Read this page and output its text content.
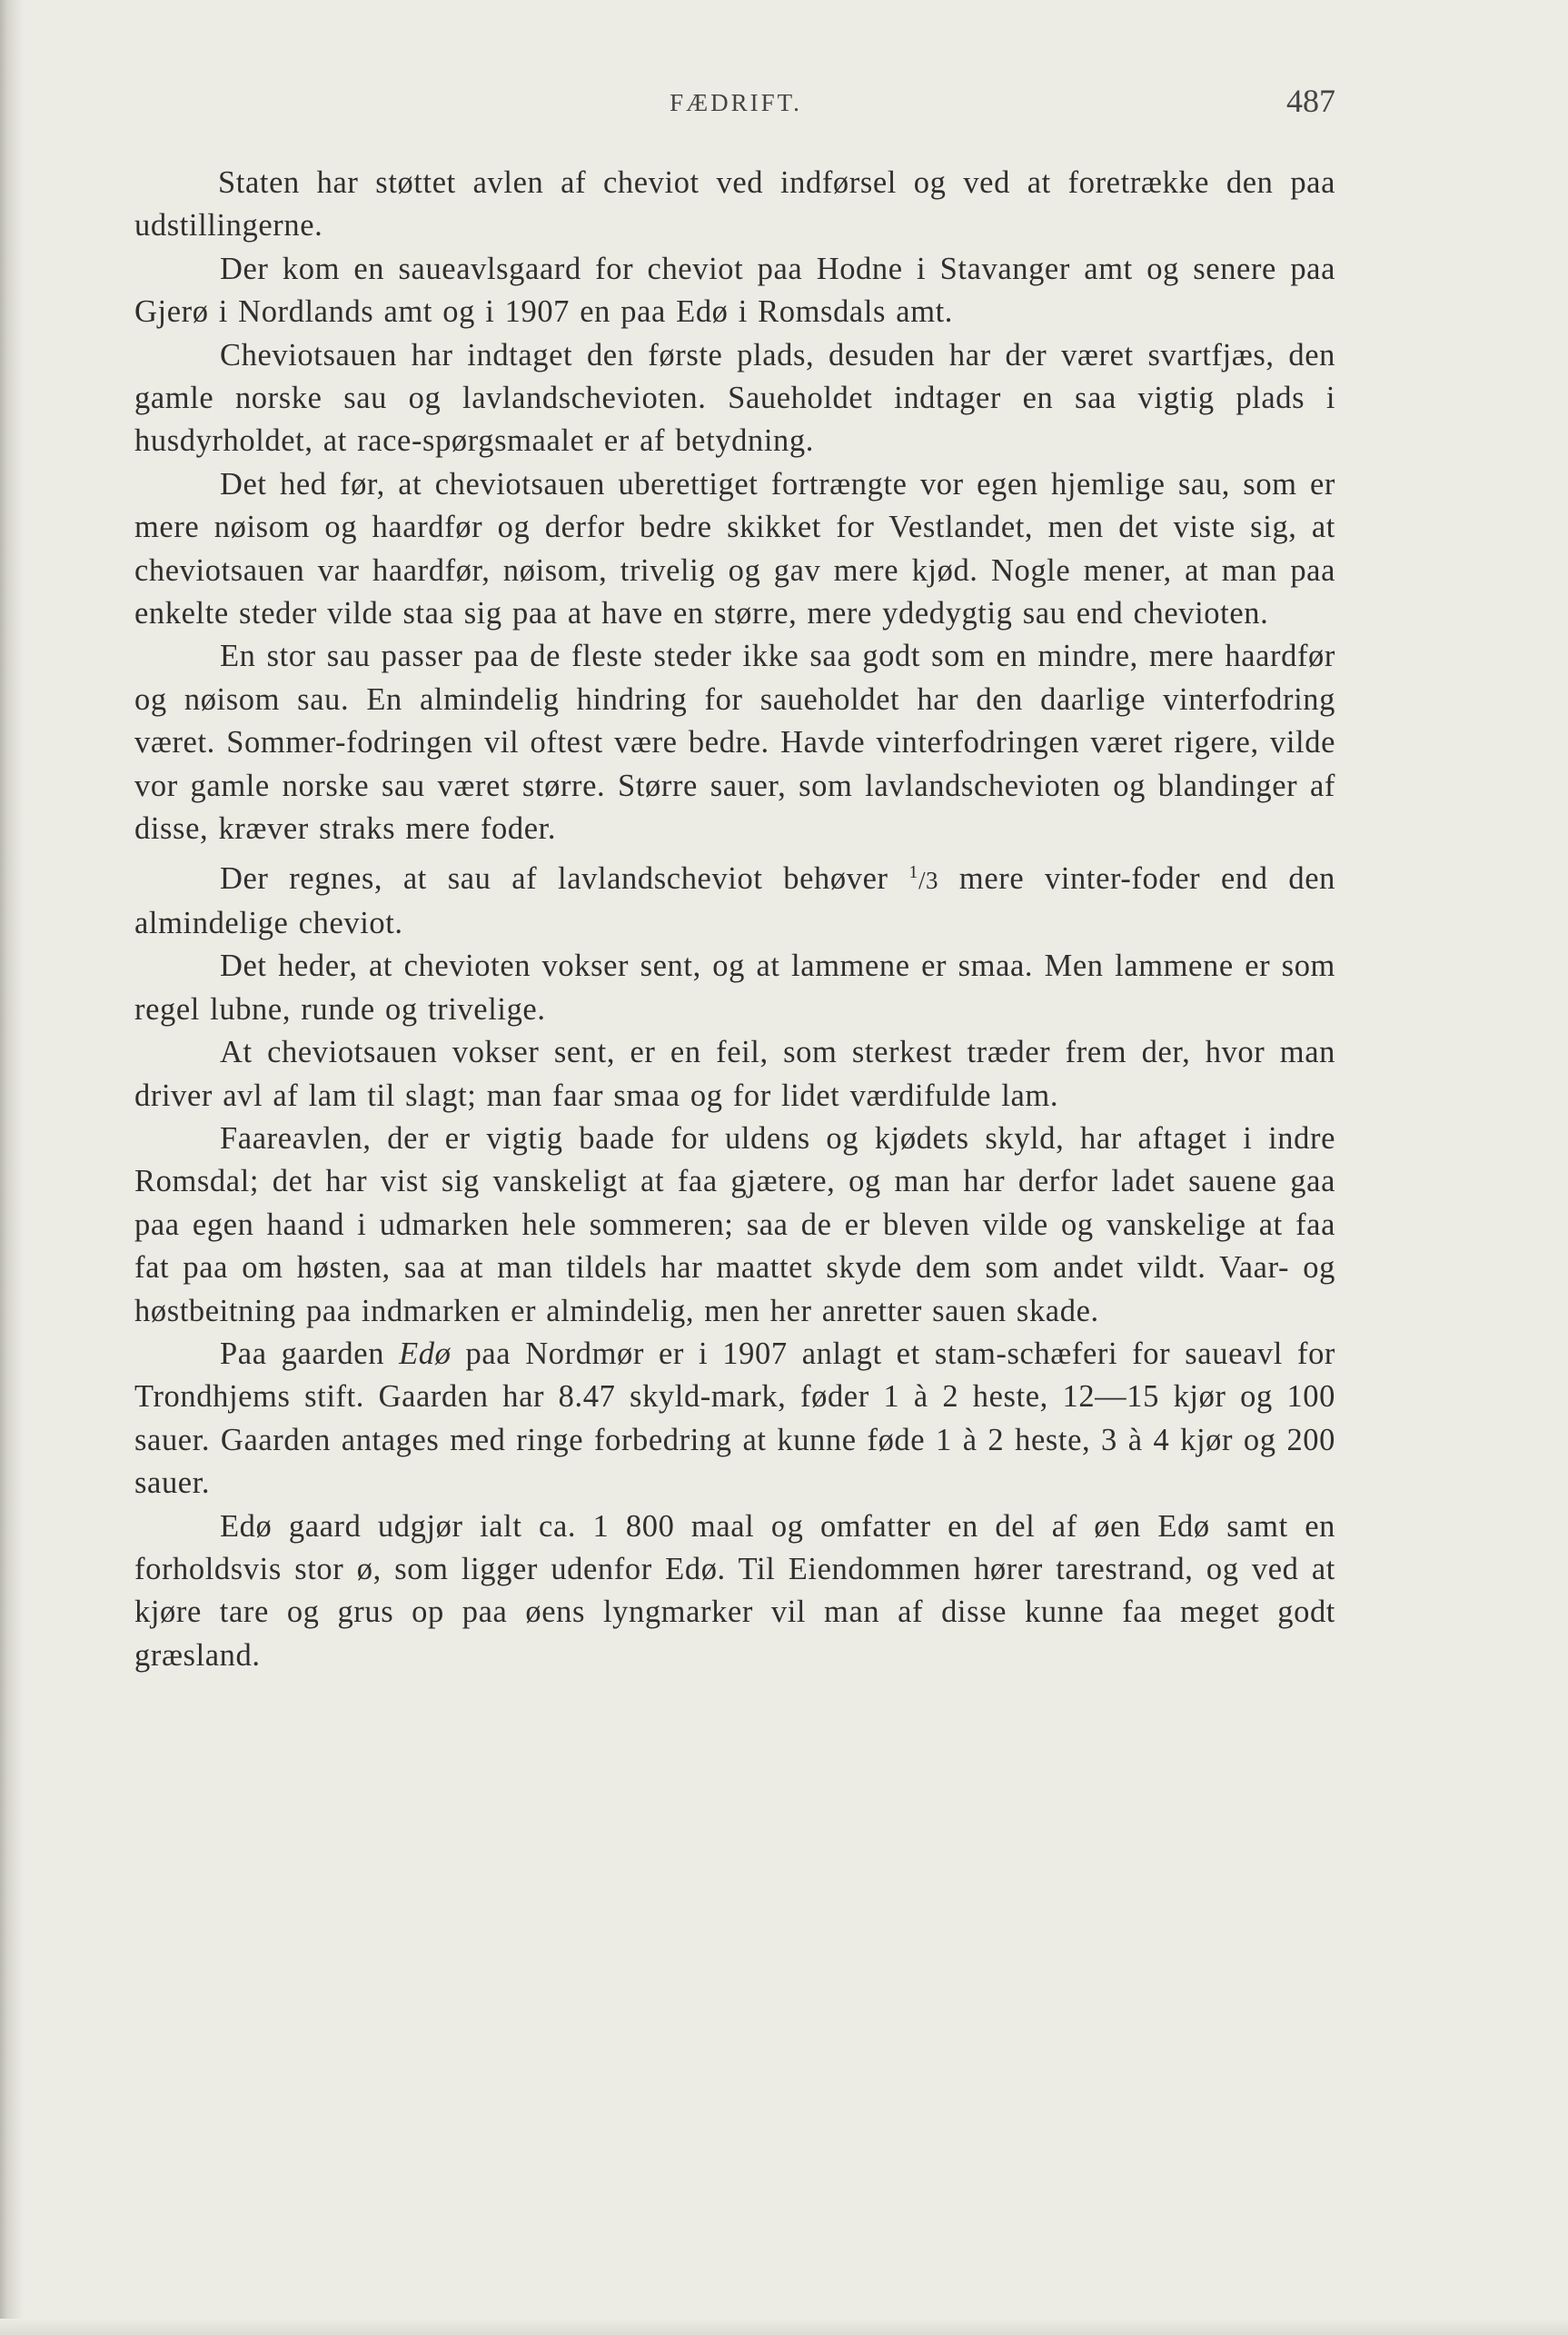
FÆDRIFT.	487

Staten har støttet avlen af cheviot ved indførsel og ved at foretrække den paa udstillingerne.

Der kom en saueavlsgaard for cheviot paa Hodne i Stavanger amt og senere paa Gjerø i Nordlands amt og i 1907 en paa Edø i Romsdals amt.

Cheviotsauen har indtaget den første plads, desuden har der været svartfjæs, den gamle norske sau og lavlandschevioten. Saueholdet indtager en saa vigtig plads i husdyrholdet, at race-spørgsmaalet er af betydning.

Det hed før, at cheviotsauen uberettiget fortrængte vor egen hjemlige sau, som er mere nøisom og haardfør og derfor bedre skikket for Vestlandet, men det viste sig, at cheviotsauen var haardfør, nøisom, trivelig og gav mere kjød. Nogle mener, at man paa enkelte steder vilde staa sig paa at have en større, mere ydedygtig sau end chevioten.

En stor sau passer paa de fleste steder ikke saa godt som en mindre, mere haardfør og nøisom sau. En almindelig hindring for saueholdet har den daarlige vinterfodring været. Sommer-fodringen vil oftest være bedre. Havde vinterfodringen været rigere, vilde vor gamle norske sau været større. Større sauer, som lavlandschevioten og blandinger af disse, kræver straks mere foder.

Der regnes, at sau af lavlandscheviot behøver $^1$/3 mere vinter-foder end den almindelige cheviot.

Det heder, at chevioten vokser sent, og at lammene er smaa. Men lammene er som regel lubne, runde og trivelige.

At cheviotsauen vokser sent, er en feil, som sterkest træder frem der, hvor man driver avl af lam til slagt; man faar smaa og for lidet værdifulde lam.

Faareavlen, der er vigtig baade for uldens og kjødets skyld, har aftaget i indre Romsdal; det har vist sig vanskeligt at faa gjætere, og man har derfor ladet sauene gaa paa egen haand i udmarken hele sommeren; saa de er bleven vilde og vanskelige at faa fat paa om høsten, saa at man tildels har maattet skyde dem som andet vildt. Vaar- og høstbeitning paa indmarken er almindelig, men her anretter sauen skade.

Paa gaarden Edø paa Nordmør er i 1907 anlagt et stam-schæferi for saueavl for Trondhjems stift. Gaarden har 8.47 skyld-mark, føder 1 à 2 heste, 12—15 kjør og 100 sauer. Gaarden antages med ringe forbedring at kunne føde 1 à 2 heste, 3 à 4 kjør og 200 sauer.

Edø gaard udgjør ialt ca. 1 800 maal og omfatter en del af øen Edø samt en forholdsvis stor ø, som ligger udenfor Edø. Til Eiendommen hører tarestrand, og ved at kjøre tare og grus op paa øens lyngmarker vil man af disse kunne faa meget godt græsland.
